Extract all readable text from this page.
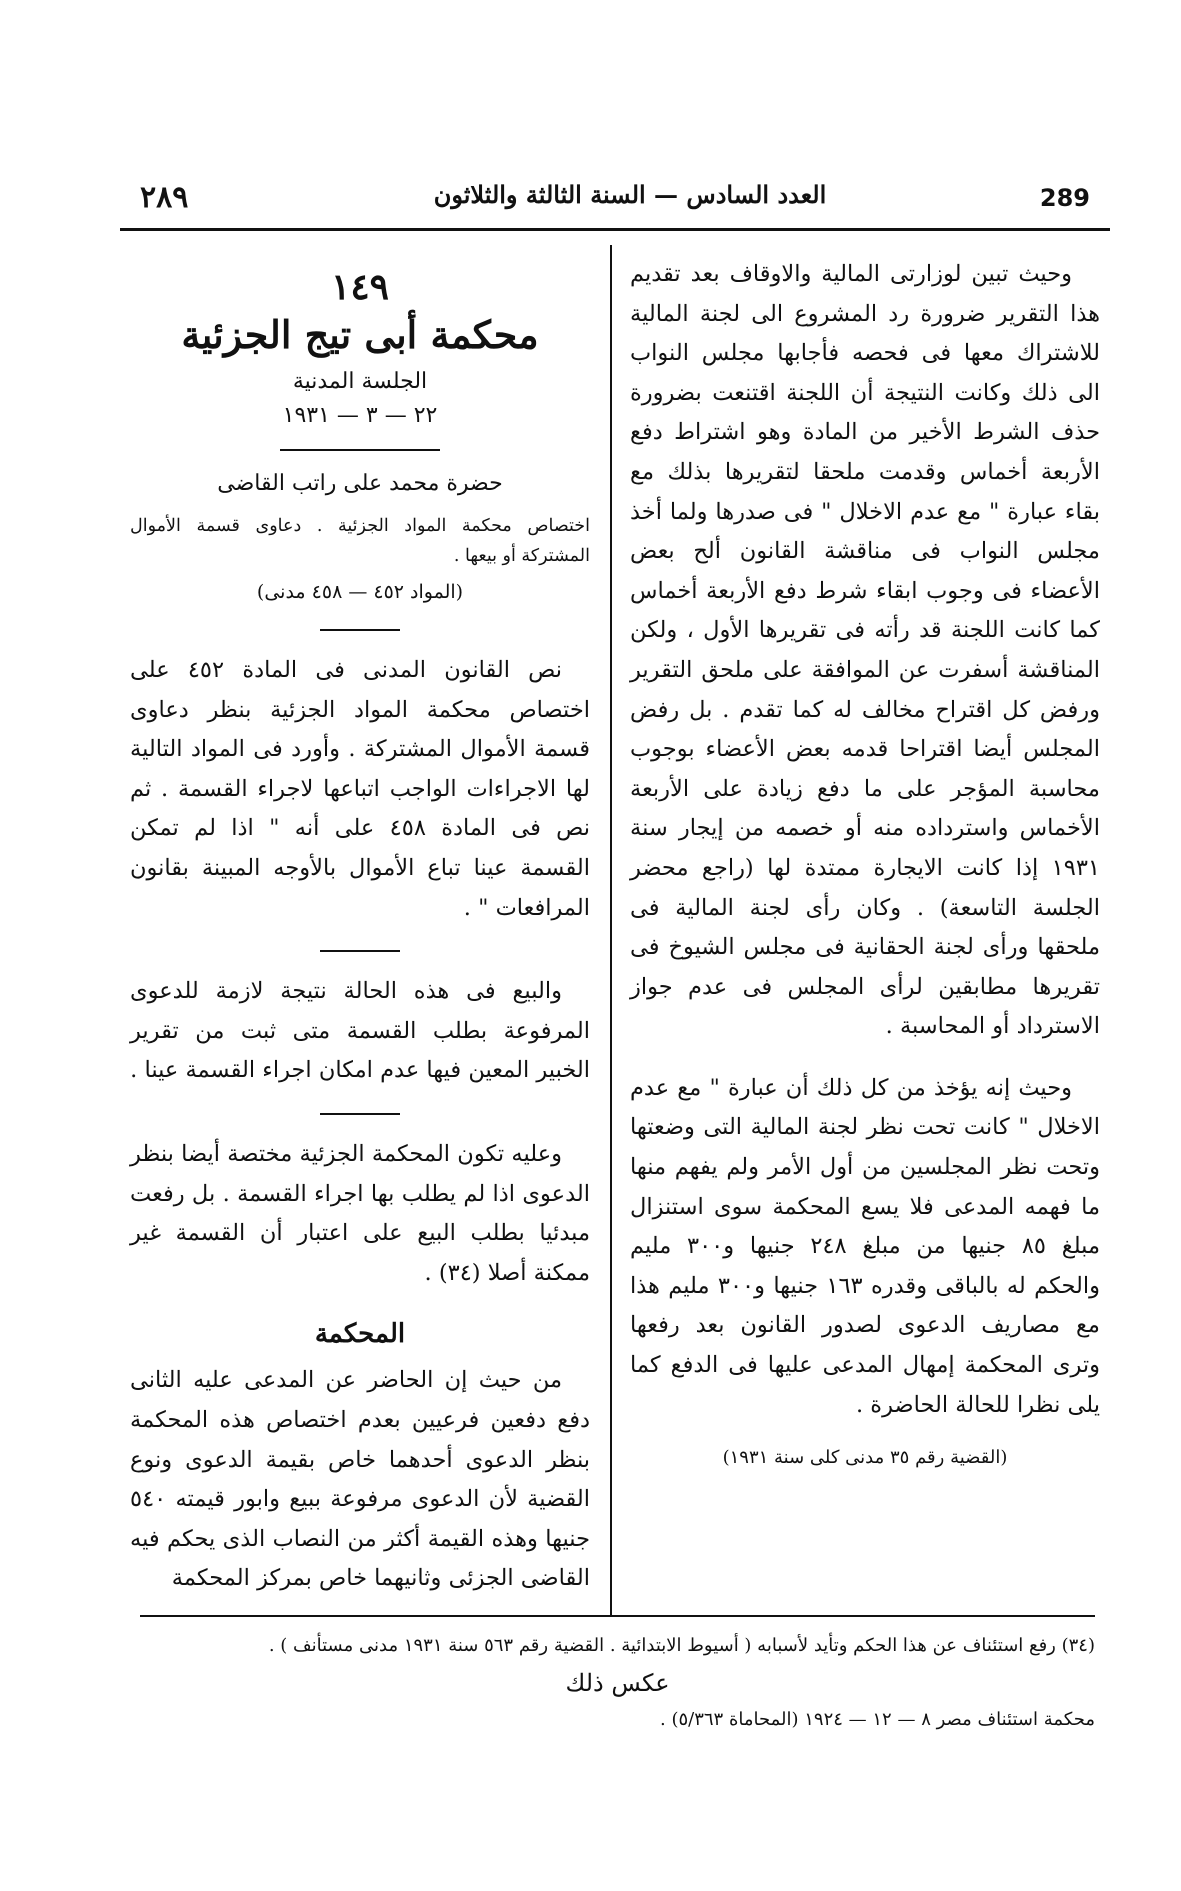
٢٨٩	العدد السادس — السنة الثالثة والثلاثون	289

وحيث تبين لوزارتى المالية والاوقاف بعد تقديم هذا التقرير ضرورة رد المشروع الى لجنة المالية للاشتراك معها فى فحصه فأجابها مجلس النواب الى ذلك وكانت النتيجة أن اللجنة اقتنعت بضرورة حذف الشرط الأخير من المادة وهو اشتراط دفع الأربعة أخماس وقدمت ملحقا لتقريرها بذلك مع بقاء عبارة " مع عدم الاخلال " فى صدرها ولما أخذ مجلس النواب فى مناقشة القانون ألح بعض الأعضاء فى وجوب ابقاء شرط دفع الأربعة أخماس كما كانت اللجنة قد رأته فى تقريرها الأول ، ولكن المناقشة أسفرت عن الموافقة على ملحق التقرير ورفض كل اقتراح مخالف له كما تقدم . بل رفض المجلس أيضا اقتراحا قدمه بعض الأعضاء بوجوب محاسبة المؤجر على ما دفع زيادة على الأربعة الأخماس واسترداده منه أو خصمه من إيجار سنة ١٩٣١ إذا كانت الايجارة ممتدة لها (راجع محضر الجلسة التاسعة) . وكان رأى لجنة المالية فى ملحقها ورأى لجنة الحقانية فى مجلس الشيوخ فى تقريرها مطابقين لرأى المجلس فى عدم جواز الاسترداد أو المحاسبة .

وحيث إنه يؤخذ من كل ذلك أن عبارة " مع عدم الاخلال " كانت تحت نظر لجنة المالية التى وضعتها وتحت نظر المجلسين من أول الأمر ولم يفهم منها ما فهمه المدعى فلا يسع المحكمة سوى استنزال مبلغ ٨٥ جنيها من مبلغ ٢٤٨ جنيها و٣٠٠ مليم والحكم له بالباقى وقدره ١٦٣ جنيها و٣٠٠ مليم هذا مع مصاريف الدعوى لصدور القانون بعد رفعها وترى المحكمة إمهال المدعى عليها فى الدفع كما يلى نظرا للحالة الحاضرة .

(القضية رقم ٣٥ مدنى كلى سنة ١٩٣١)

١٤٩

محكمة أبى تيج الجزئية

الجلسة المدنية

٢٢ — ٣ — ١٩٣١

حضرة محمد على راتب القاضى

اختصاص محكمة المواد الجزئية . دعاوى قسمة الأموال المشتركة أو بيعها .

(المواد ٤٥٢ — ٤٥٨ مدنى)

نص القانون المدنى فى المادة ٤٥٢ على اختصاص محكمة المواد الجزئية بنظر دعاوى قسمة الأموال المشتركة . وأورد فى المواد التالية لها الاجراءات الواجب اتباعها لاجراء القسمة . ثم نص فى المادة ٤٥٨ على أنه " اذا لم تمكن القسمة عينا تباع الأموال بالأوجه المبينة بقانون المرافعات " .

والبيع فى هذه الحالة نتيجة لازمة للدعوى المرفوعة بطلب القسمة متى ثبت من تقرير الخبير المعين فيها عدم امكان اجراء القسمة عينا .

وعليه تكون المحكمة الجزئية مختصة أيضا بنظر الدعوى اذا لم يطلب بها اجراء القسمة . بل رفعت مبدئيا بطلب البيع على اعتبار أن القسمة غير ممكنة أصلا (٣٤) .

المحكمة

من حيث إن الحاضر عن المدعى عليه الثانى دفع دفعين فرعيين بعدم اختصاص هذه المحكمة بنظر الدعوى أحدهما خاص بقيمة الدعوى ونوع القضية لأن الدعوى مرفوعة ببيع وابور قيمته ٥٤٠ جنيها وهذه القيمة أكثر من النصاب الذى يحكم فيه القاضى الجزئى وثانيهما خاص بمركز المحكمة

(٣٤) رفع استئناف عن هذا الحكم وتأيد لأسبابه ( أسيوط الابتدائية . القضية رقم ٥٦٣ سنة ١٩٣١ مدنى مستأنف ) .

عكس ذلك

محكمة استئناف مصر ٨ — ١٢ — ١٩٢٤ (المحاماة ٥/٣٦٣) .
